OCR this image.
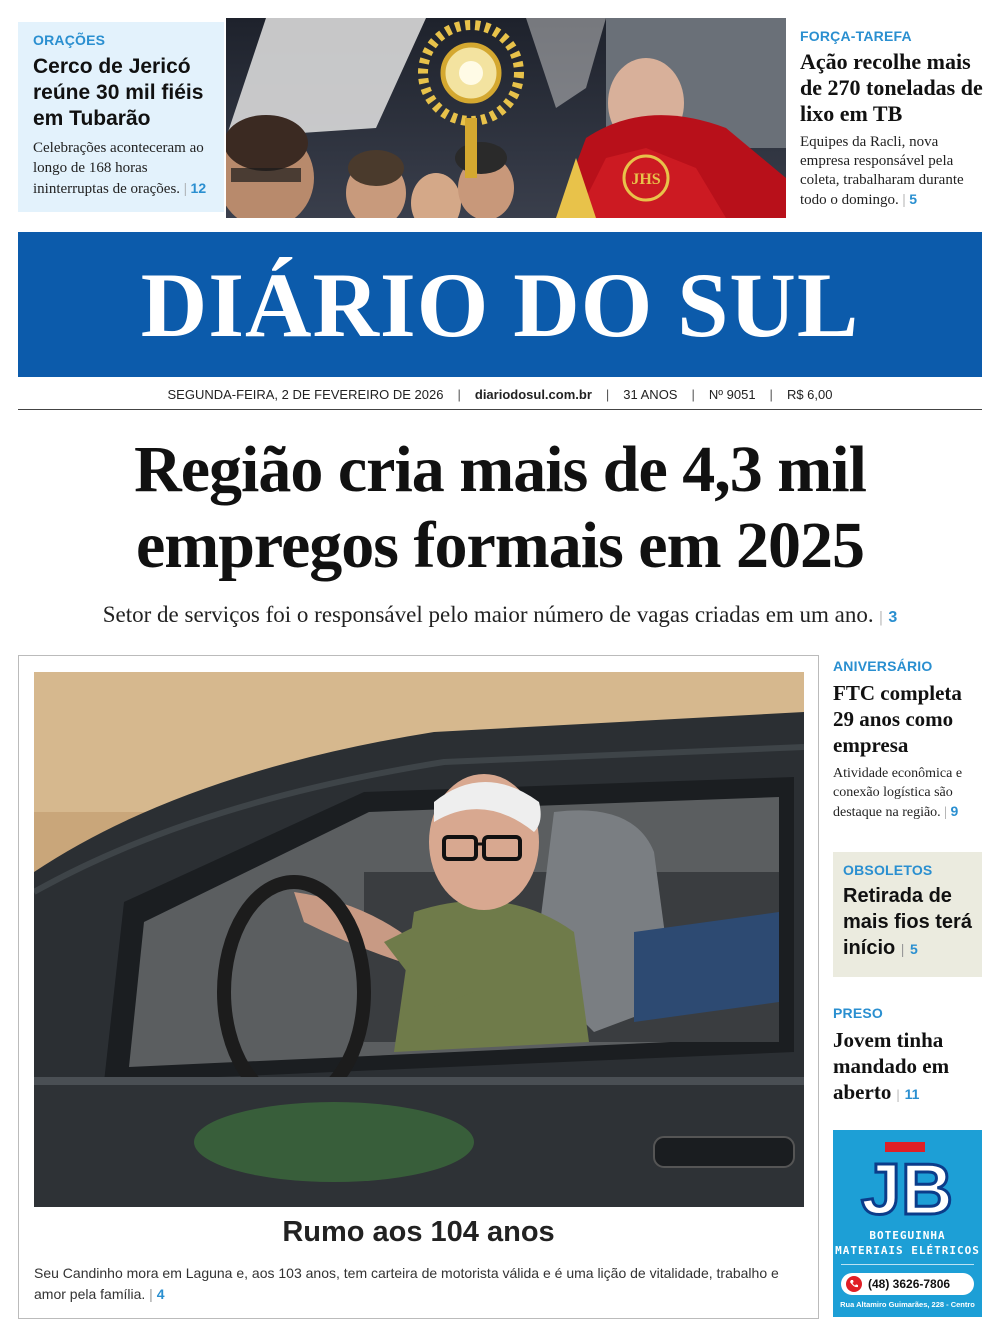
ORAÇÕES
Cerco de Jericó reúne 30 mil fiéis em Tubarão
Celebrações aconteceram ao longo de 168 horas ininterruptas de orações. | 12	JHS
FORÇA-TAREFA
Ação recolhe mais de 270 toneladas de lixo em TB
Equipes da Racli, nova empresa responsável pela coleta, trabalharam durante todo o domingo. | 5
DIÁRIO DO SUL
SEGUNDA-FEIRA, 2 DE FEVEREIRO DE 2026	|	diariodosul.com.br	|	31 ANOS	|	Nº 9051	|	R$ 6,00
Região cria mais de 4,3 mil
empregos formais em 2025
Setor de serviços foi o responsável pelo maior número de vagas criadas em um ano. | 3
Rumo aos 104 anos
Seu Candinho mora em Laguna e, aos 103 anos, tem carteira de motorista válida e é uma lição de vitalidade, trabalho e amor pela família. | 4
ANIVERSÁRIO
FTC completa 29 anos como empresa
Atividade econômica e conexão logística são destaque na região. | 9
OBSOLETOS
Retirada de mais fios terá início | 5
PRESO
Jovem tinha mandado em aberto | 11
JB
BOTEGUINHA
MATERIAIS ELÉTRICOS
(48) 3626-7806
Rua Altamiro Guimarães, 228 - Centro
